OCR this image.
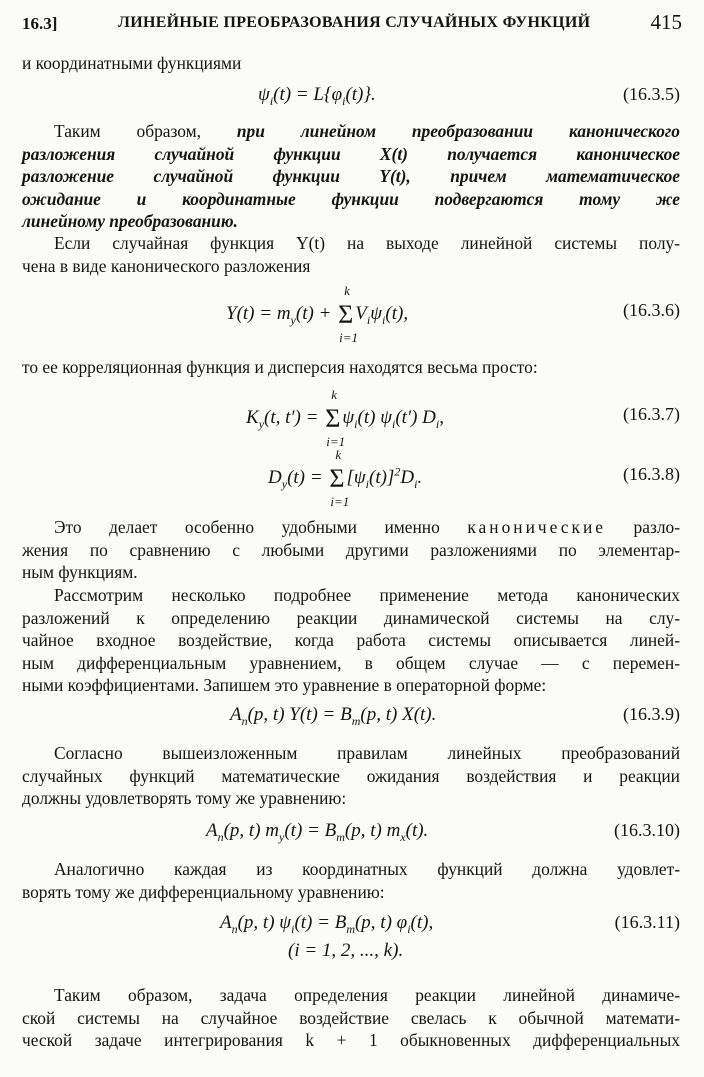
16.3]	ЛИНЕЙНЫЕ ПРЕОБРАЗОВАНИЯ СЛУЧАЙНЫХ ФУНКЦИЙ	415
и координатными функциями
$\psi_i(t) = L\{\varphi_i(t)\}$.	(16.3.5)
Таким образом, при линейном преобразовании канонического
разложения случайной функции X(t) получается каноническое
разложение случайной функции Y(t), причем математическое
ожидание и координатные функции подвергаются тому же
линейному преобразованию.
Если случайная функция Y(t) на выходе линейной системы полу-
чена в виде канонического разложения
$Y(t) = m_y(t) + \Sigma$
k
i=1
$V_i\psi_i(t)$,	(16.3.6)
то ее корреляционная функция и дисперсия находятся весьма просто:
$K_y(t$, t′) = Σ
k
i=1
$\psi_i(t)$ $\psi_i(t')$ $D_i$,	(16.3.7)
$D_y(t) = \Sigma$
k
i=1
$[\psi_i(t)]^2D_i$.	(16.3.8)
Это делает особенно удобными именно канонические разло-
жения по сравнению с любыми другими разложениями по элементар-
ным функциям.
Рассмотрим несколько подробнее применение метода канонических
разложений к определению реакции динамической системы на слу-
чайное входное воздействие, когда работа системы описывается линей-
ным дифференциальным уравнением, в общем случае — с перемен-
ными коэффициентами. Запишем это уравнение в операторной форме:
$A_n(p$, t) $Y(t) = B_m(p$, t) X(t).	(16.3.9)
Согласно вышеизложенным правилам линейных преобразований
случайных функций математические ожидания воздействия и реакции
должны удовлетворять тому же уравнению:
$A_n(p$, t) $m_y(t) = B_m(p$, t) $m_x(t)$.	(16.3.10)
Аналогично каждая из координатных функций должна удовлет-
ворять тому же дифференциальному уравнению:
$A_n(p$, t) $\psi_i(t) = B_m(p$, t) $\varphi_i(t)$,	(16.3.11)
(i = 1, 2, ..., k).
Таким образом, задача определения реакции линейной динамиче-
ской системы на случайное воздействие свелась к обычной математи-
ческой задаче интегрирования k + 1 обыкновенных дифференциальных
